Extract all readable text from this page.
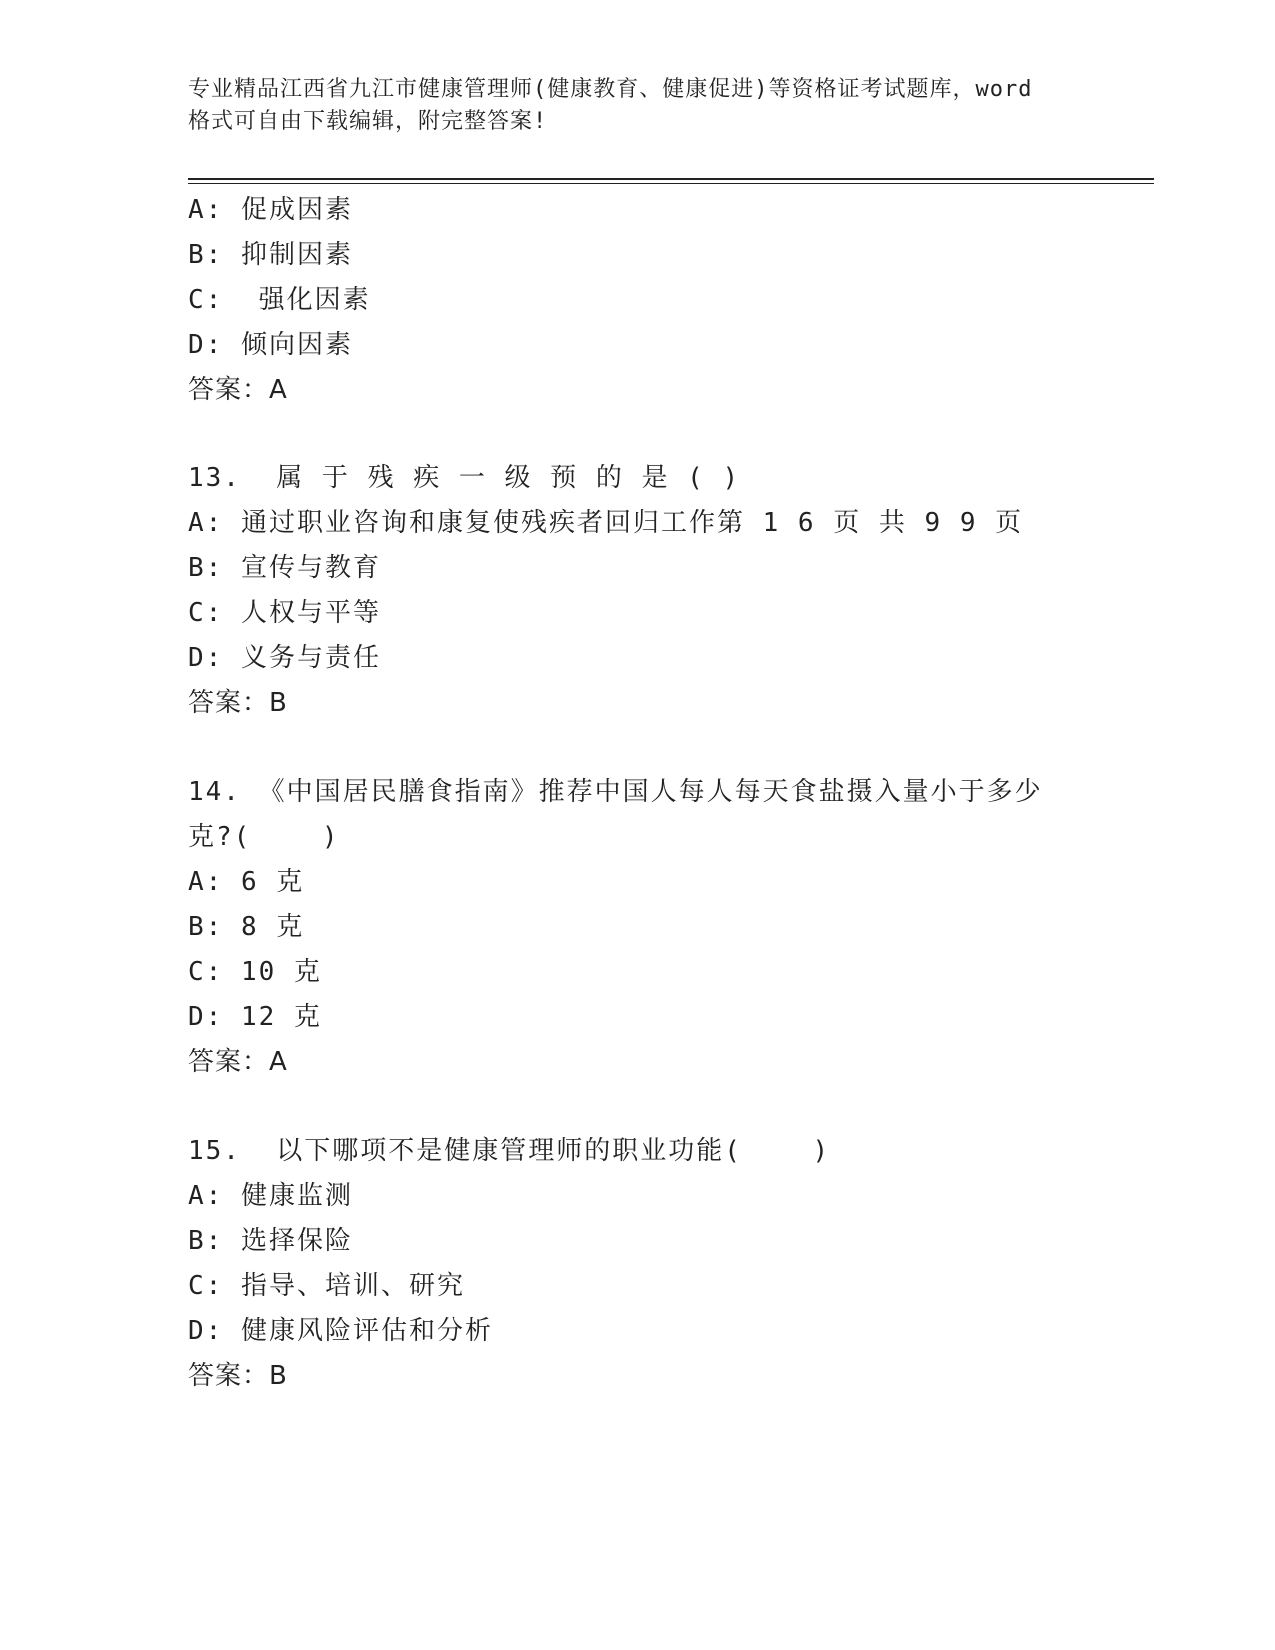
专业精品江西省九江市健康管理师(健康教育、健康促进)等资格证考试题库，word
格式可自由下载编辑，附完整答案!
A: 促成因素
B: 抑制因素
C:  强化因素
D: 倾向因素
答案：A
13.  属 于 残 疾 一 级 预 的 是 ( )
A: 通过职业咨询和康复使残疾者回归工作第 1 6 页 共 9 9 页
B: 宣传与教育
C: 人权与平等
D: 义务与责任
答案：B
14. 《中国居民膳食指南》推荐中国人每人每天食盐摄入量小于多少
克?(    )
A: 6 克
B: 8 克
C: 10 克
D: 12 克
答案：A
15.  以下哪项不是健康管理师的职业功能(    )
A: 健康监测
B: 选择保险
C: 指导、培训、研究
D: 健康风险评估和分析
答案：B
